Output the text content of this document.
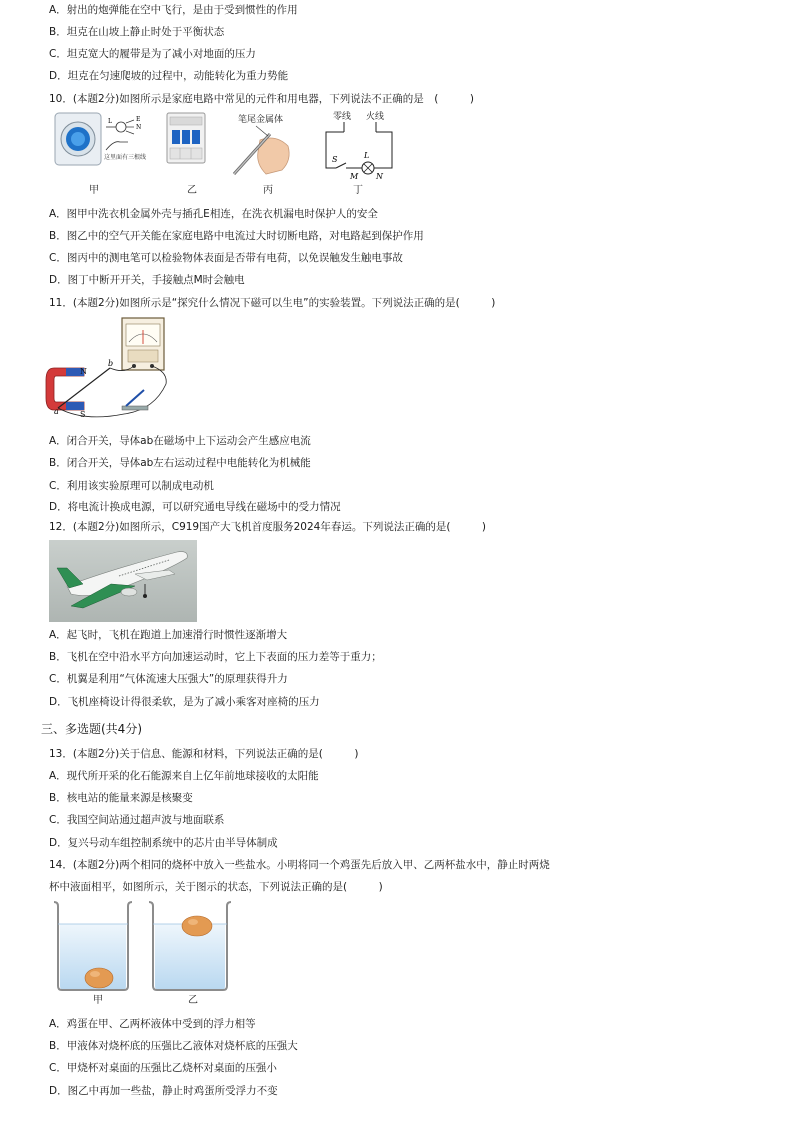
A．射出的炮弹能在空中飞行，是由于受到惯性的作用
B．坦克在山坡上静止时处于平衡状态
C．坦克宽大的履带是为了减小对地面的压力
D．坦克在匀速爬坡的过程中，动能转化为重力势能
10．(本题2分)如图所示是家庭电路中常见的元件和用电器，下列说法不正确的是　(　　　)
L	E
N
这里面有三根线
甲	乙
笔尾金属体
丙
零线 火线
S	L
M N
丁
A．图甲中洗衣机金属外壳与插孔E相连，在洗衣机漏电时保护人的安全
B．图乙中的空气开关能在家庭电路中电流过大时切断电路，对电路起到保护作用
C．图丙中的测电笔可以检验物体表面是否带有电荷，以免误触发生触电事故
D．图丁中断开开关，手接触点M时会触电
11．(本题2分)如图所示是“探究什么情况下磁可以生电”的实验装置。下列说法正确的是(　　　)
N
S
a
b
A．闭合开关，导体ab在磁场中上下运动会产生感应电流
B．闭合开关，导体ab左右运动过程中电能转化为机械能
C．利用该实验原理可以制成电动机
D．将电流计换成电源，可以研究通电导线在磁场中的受力情况
12．(本题2分)如图所示，C919国产大飞机首度服务2024年春运。下列说法正确的是(　　　)
A．起飞时，飞机在跑道上加速滑行时惯性逐渐增大
B．飞机在空中沿水平方向加速运动时，它上下表面的压力差等于重力；
C．机翼是利用“气体流速大压强大”的原理获得升力
D．飞机座椅设计得很柔软，是为了减小乘客对座椅的压力
三、多选题(共4分)
13．(本题2分)关于信息、能源和材料，下列说法正确的是(　　　)
A．现代所开采的化石能源来自上亿年前地球接收的太阳能
B．核电站的能量来源是核聚变
C．我国空间站通过超声波与地面联系
D．复兴号动车组控制系统中的芯片由半导体制成
14．(本题2分)两个相同的烧杯中放入一些盐水。小明将同一个鸡蛋先后放入甲、乙两杯盐水中，静止时两烧
杯中液面相平，如图所示，关于图示的状态，下列说法正确的是(　　　)
甲	乙
A．鸡蛋在甲、乙两杯液体中受到的浮力相等
B．甲液体对烧杯底的压强比乙液体对烧杯底的压强大
C．甲烧杯对桌面的压强比乙烧杯对桌面的压强小
D．图乙中再加一些盐，静止时鸡蛋所受浮力不变
